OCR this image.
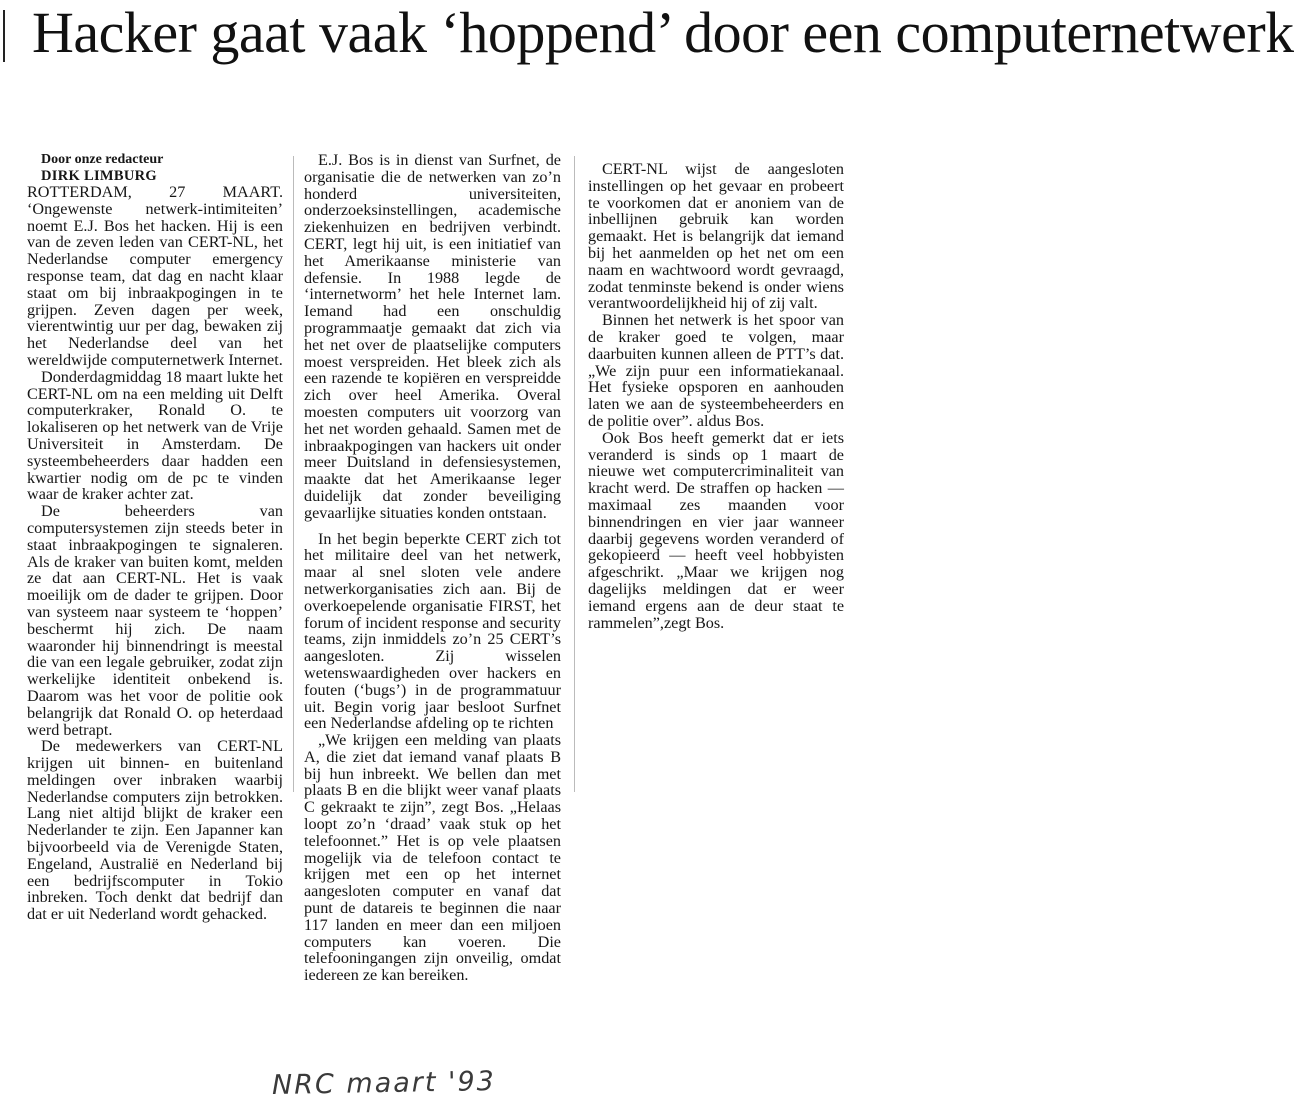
Hacker gaat vaak ‘hoppend’ door een computernetwerk

Door onze redacteur

DIRK LIMBURG

ROTTERDAM, 27 MAART. ‘Ongewenste netwerk-intimiteiten’ noemt E.J. Bos het hacken. Hij is een van de zeven leden van CERT-NL, het Nederlandse computer emergency response team, dat dag en nacht klaar staat om bij inbraakpogingen in te grijpen. Zeven dagen per week, vierentwintig uur per dag, bewaken zij het Nederlandse deel van het wereldwijde computernetwerk Internet.

Donderdagmiddag 18 maart lukte het CERT-NL om na een melding uit Delft computerkraker, Ronald O. te lokaliseren op het netwerk van de Vrije Universiteit in Amsterdam. De systeembeheerders daar hadden een kwartier nodig om de pc te vinden waar de kraker achter zat.

De beheerders van computersystemen zijn steeds beter in staat inbraakpogingen te signaleren. Als de kraker van buiten komt, melden ze dat aan CERT-NL. Het is vaak moeilijk om de dader te grijpen. Door van systeem naar systeem te ‘hoppen’ beschermt hij zich. De naam waaronder hij binnendringt is meestal die van een legale gebruiker, zodat zijn werkelijke identiteit onbekend is. Daarom was het voor de politie ook belangrijk dat Ronald O. op heterdaad werd betrapt.

De medewerkers van CERT-NL krijgen uit binnen- en buitenland meldingen over inbraken waarbij Nederlandse computers zijn betrokken. Lang niet altijd blijkt de kraker een Nederlander te zijn. Een Japanner kan bijvoorbeeld via de Verenigde Staten, Engeland, Australië en Nederland bij een bedrijfscomputer in Tokio inbreken. Toch denkt dat bedrijf dan dat er uit Nederland wordt gehacked.

E.J. Bos is in dienst van Surfnet, de organisatie die de netwerken van zo’n honderd universiteiten, onderzoeksinstellingen, academische ziekenhuizen en bedrijven verbindt. CERT, legt hij uit, is een initiatief van het Amerikaanse ministerie van defensie. In 1988 legde de ‘internetworm’ het hele Internet lam. Iemand had een onschuldig programmaatje gemaakt dat zich via het net over de plaatselijke computers moest verspreiden. Het bleek zich als een razende te kopiëren en verspreidde zich over heel Amerika. Overal moesten computers uit voorzorg van het net worden gehaald. Samen met de inbraakpogingen van hackers uit onder meer Duitsland in defensiesystemen, maakte dat het Amerikaanse leger duidelijk dat zonder beveiliging gevaarlijke situaties konden ontstaan.

In het begin beperkte CERT zich tot het militaire deel van het netwerk, maar al snel sloten vele andere netwerkorganisaties zich aan. Bij de overkoepelende organisatie FIRST, het forum of incident response and security teams, zijn inmiddels zo’n 25 CERT’s aangesloten. Zij wisselen wetenswaardigheden over hackers en fouten (‘bugs’) in de programmatuur uit. Begin vorig jaar besloot Surfnet een Nederlandse afdeling op te richten

„We krijgen een melding van plaats A, die ziet dat iemand vanaf plaats B bij hun inbreekt. We bellen dan met plaats B en die blijkt weer vanaf plaats C gekraakt te zijn”, zegt Bos. „Helaas loopt zo’n ‘draad’ vaak stuk op het telefoonnet.” Het is op vele plaatsen mogelijk via de telefoon contact te krijgen met een op het internet aangesloten computer en vanaf dat punt de datareis te beginnen die naar 117 landen en meer dan een miljoen computers kan voeren. Die telefooningangen zijn onveilig, omdat iedereen ze kan bereiken.

CERT-NL wijst de aangesloten instellingen op het gevaar en probeert te voorkomen dat er anoniem van de inbellijnen gebruik kan worden gemaakt. Het is belangrijk dat iemand bij het aanmelden op het net om een naam en wachtwoord wordt gevraagd, zodat tenminste bekend is onder wiens verantwoordelijkheid hij of zij valt.

Binnen het netwerk is het spoor van de kraker goed te volgen, maar daarbuiten kunnen alleen de PTT’s dat. „We zijn puur een informatiekanaal. Het fysieke opsporen en aanhouden laten we aan de systeembeheerders en de politie over”. aldus Bos.

Ook Bos heeft gemerkt dat er iets veranderd is sinds op 1 maart de nieuwe wet computercriminaliteit van kracht werd. De straffen op hacken — maximaal zes maanden voor binnendringen en vier jaar wanneer daarbij gegevens worden veranderd of gekopieerd — heeft veel hobbyisten afgeschrikt. „Maar we krijgen nog dagelijks meldingen dat er weer iemand ergens aan de deur staat te rammelen”,zegt Bos.

NRC maart '93
